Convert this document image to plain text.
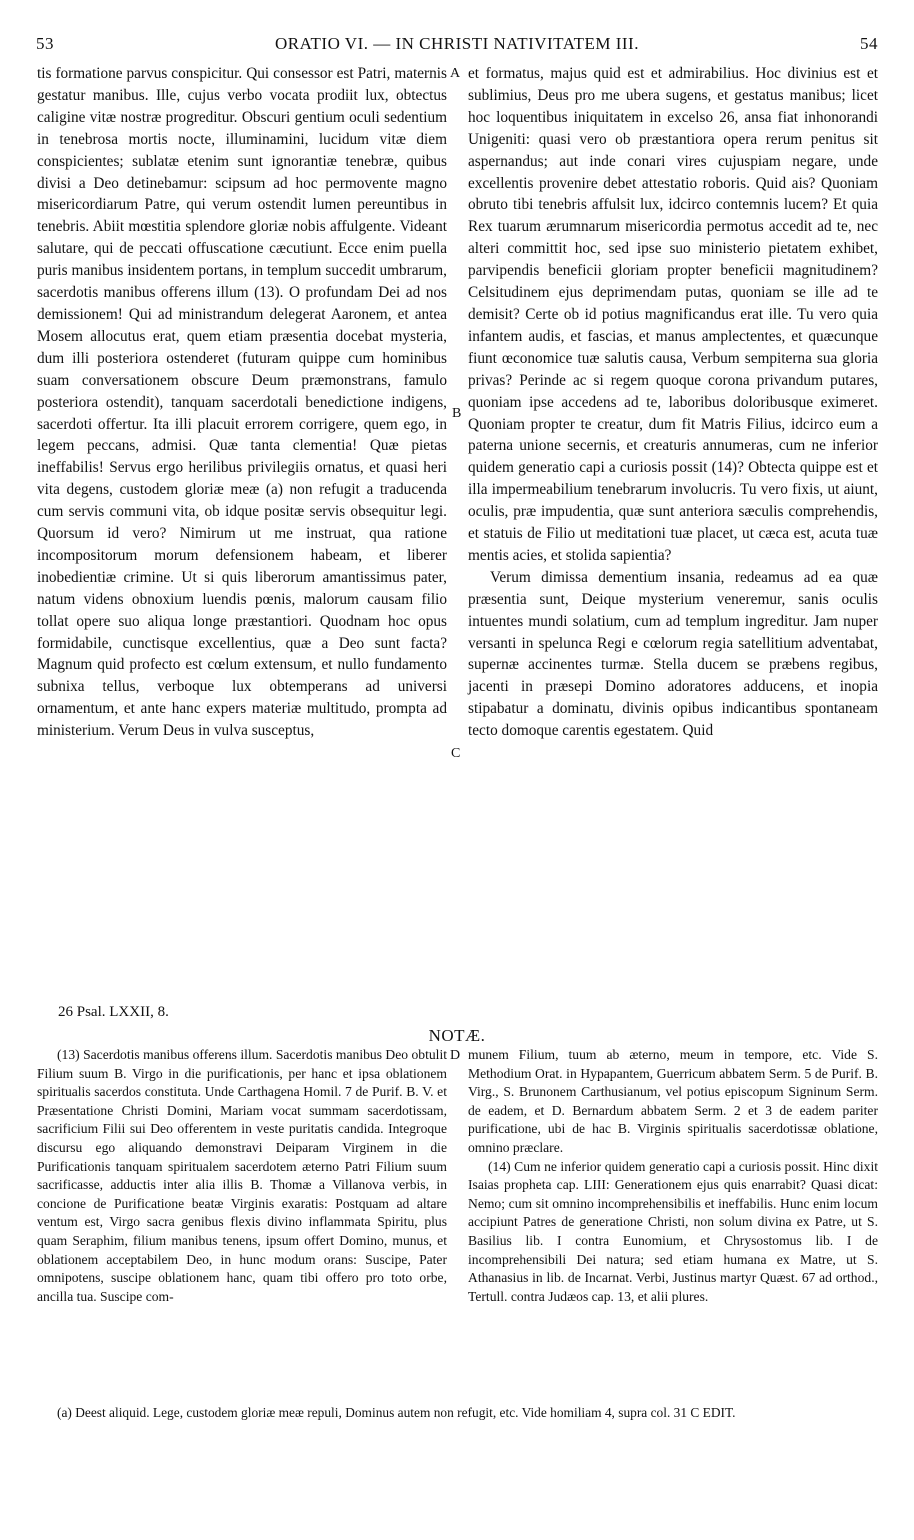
53	ORATIO VI. — IN CHRISTI NATIVITATEM III.	54

tis formatione parvus conspicitur. Qui consessor est Patri, maternis gestatur manibus. Ille, cujus verbo vocata prodiit lux, obtectus caligine vitæ nostræ progreditur. Obscuri gentium oculi sedentium in tenebrosa mortis nocte, illuminamini, lucidum vitæ diem conspicientes; sublatæ etenim sunt ignorantiæ tenebræ, quibus divisi a Deo detinebamur: scipsum ad hoc permovente magno misericordiarum Patre, qui verum ostendit lumen pereuntibus in tenebris. Abiit mœstitia splendore gloriæ nobis affulgente. Videant salutare, qui de peccati offuscatione cæcutiunt. Ecce enim puella puris manibus insidentem portans, in templum succedit umbrarum, sacerdotis manibus offerens illum (13). O profundam Dei ad nos demissionem! Qui ad ministrandum delegerat Aaronem, et antea Mosem allocutus erat, quem etiam præsentia docebat mysteria, dum illi posteriora ostenderet (futuram quippe cum hominibus suam conversationem obscure Deum præmonstrans, famulo posteriora ostendit), tanquam sacerdotali benedictione indigens, sacerdoti offertur. Ita illi placuit errorem corrigere, quem ego, in legem peccans, admisi. Quæ tanta clementia! Quæ pietas ineffabilis! Servus ergo herilibus privilegiis ornatus, et quasi heri vita degens, custodem gloriæ meæ (a) non refugit a traducenda cum servis communi vita, ob idque positæ servis obsequitur legi. Quorsum id vero? Nimirum ut me instruat, qua ratione incompositorum morum defensionem habeam, et liberer inobedientiæ crimine. Ut si quis liberorum amantissimus pater, natum videns obnoxium luendis pœnis, malorum causam filio tollat opere suo aliqua longe præstantiori. Quodnam hoc opus formidabile, cunctisque excellentius, quæ a Deo sunt facta? Magnum quid profecto est cœlum extensum, et nullo fundamento subnixa tellus, verboque lux obtemperans ad universi ornamentum, et ante hanc expers materiæ multitudo, prompta ad ministerium. Verum Deus in vulva susceptus,

et formatus, majus quid est et admirabilius. Hoc divinius est et sublimius, Deus pro me ubera sugens, et gestatus manibus; licet hoc loquentibus iniquitatem in excelso 26, ansa fiat inhonorandi Unigeniti: quasi vero ob præstantiora opera rerum penitus sit aspernandus; aut inde conari vires cujuspiam negare, unde excellentis provenire debet attestatio roboris. Quid ais? Quoniam obruto tibi tenebris affulsit lux, idcirco contemnis lucem? Et quia Rex tuarum ærumnarum misericordia permotus accedit ad te, nec alteri committit hoc, sed ipse suo ministerio pietatem exhibet, parvipendis beneficii gloriam propter beneficii magnitudinem? Celsitudinem ejus deprimendam putas, quoniam se ille ad te demisit? Certe ob id potius magnificandus erat ille. Tu vero quia infantem audis, et fascias, et manus amplectentes, et quæcunque fiunt œconomice tuæ salutis causa, Verbum sempiterna sua gloria privas? Perinde ac si regem quoque corona privandum putares, quoniam ipse accedens ad te, laboribus doloribusque eximeret. Quoniam propter te creatur, dum fit Matris Filius, idcirco eum a paterna unione secernis, et creaturis annumeras, cum ne inferior quidem generatio capi a curiosis possit (14)? Obtecta quippe est et illa impermeabilium tenebrarum involucris. Tu vero fixis, ut aiunt, oculis, præ impudentia, quæ sunt anteriora sæculis comprehendis, et statuis de Filio ut meditationi tuæ placet, ut cæca est, acuta tuæ mentis acies, et stolida sapientia?

Verum dimissa dementium insania, redeamus ad ea quæ præsentia sunt, Deique mysterium veneremur, sanis oculis intuentes mundi solatium, cum ad templum ingreditur. Jam nuper versanti in spelunca Regi e cœlorum regia satellitium adventabat, supernæ accinentes turmæ. Stella ducem se præbens regibus, jacenti in præsepi Domino adoratores adducens, et inopia stipabatur a dominatu, divinis opibus indicantibus spontaneam tecto domoque carentis egestatem. Quid

A
B
C
D
26 Psal. LXXII, 8.
NOTÆ.

(13) Sacerdotis manibus offerens illum. Sacerdotis manibus Deo obtulit Filium suum B. Virgo in die purificationis, per hanc et ipsa oblationem spiritualis sacerdos constituta. Unde Carthagena Homil. 7 de Purif. B. V. et Præsentatione Christi Domini, Mariam vocat summam sacerdotissam, sacrificium Filii sui Deo offerentem in veste puritatis candida. Integroque discursu ego aliquando demonstravi Deiparam Virginem in die Purificationis tanquam spiritualem sacerdotem æterno Patri Filium suum sacrificasse, adductis inter alia illis B. Thomæ a Villanova verbis, in concione de Purificatione beatæ Virginis exaratis: Postquam ad altare ventum est, Virgo sacra genibus flexis divino inflammata Spiritu, plus quam Seraphim, filium manibus tenens, ipsum offert Domino, munus, et oblationem acceptabilem Deo, in hunc modum orans: Suscipe, Pater omnipotens, suscipe oblationem hanc, quam tibi offero pro toto orbe, ancilla tua. Suscipe com-

munem Filium, tuum ab æterno, meum in tempore, etc. Vide S. Methodium Orat. in Hypapantem, Guerricum abbatem Serm. 5 de Purif. B. Virg., S. Brunonem Carthusianum, vel potius episcopum Signinum Serm. de eadem, et D. Bernardum abbatem Serm. 2 et 3 de eadem pariter purificatione, ubi de hac B. Virginis spiritualis sacerdotissæ oblatione, omnino præclare.

(14) Cum ne inferior quidem generatio capi a curiosis possit. Hinc dixit Isaias propheta cap. LIII: Generationem ejus quis enarrabit? Quasi dicat: Nemo; cum sit omnino incomprehensibilis et ineffabilis. Hunc enim locum accipiunt Patres de generatione Christi, non solum divina ex Patre, ut S. Basilius lib. I contra Eunomium, et Chrysostomus lib. I de incomprehensibili Dei natura; sed etiam humana ex Matre, ut S. Athanasius in lib. de Incarnat. Verbi, Justinus martyr Quæst. 67 ad orthod., Tertull. contra Judæos cap. 13, et alii plures.

(a) Deest aliquid. Lege, custodem gloriæ meæ repuli, Dominus autem non refugit, etc. Vide homiliam 4, supra col. 31 C EDIT.
